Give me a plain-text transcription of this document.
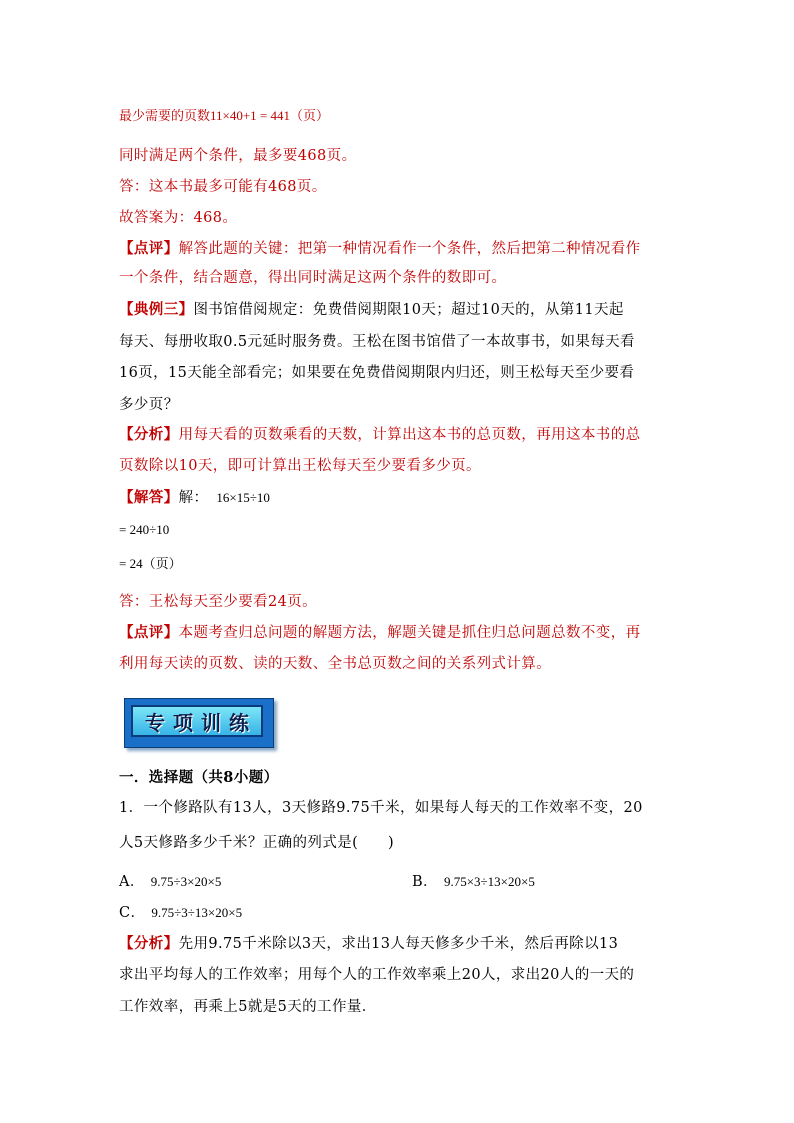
最少需要的页数11×40+1 = 441（页）
同时满足两个条件，最多要468页。
答：这本书最多可能有468页。
故答案为：468。
【点评】解答此题的关键：把第一种情况看作一个条件，然后把第二种情况看作
一个条件，结合题意，得出同时满足这两个条件的数即可。
【典例三】图书馆借阅规定：免费借阅期限10天；超过10天的，从第11天起
每天、每册收取0.5元延时服务费。王松在图书馆借了一本故事书，如果每天看
16页，15天能全部看完；如果要在免费借阅期限内归还，则王松每天至少要看
多少页？
【分析】用每天看的页数乘看的天数，计算出这本书的总页数，再用这本书的总
页数除以10天，即可计算出王松每天至少要看多少页。
【解答】解： 16×15÷10
= 240÷10
= 24（页）
答：王松每天至少要看24页。
【点评】本题考查归总问题的解题方法，解题关键是抓住归总问题总数不变，再
利用每天读的页数、读的天数、全书总页数之间的关系列式计算。
专项训练
一．选择题（共8小题）
1．一个修路队有13人，3天修路9.75千米，如果每人每天的工作效率不变，20
人5天修路多少千米？正确的列式是(　　)
A． 9.75÷3×20×5	B． 9.75×3÷13×20×5
C． 9.75÷3÷13×20×5
【分析】先用9.75千米除以3天，求出13人每天修多少千米，然后再除以13
求出平均每人的工作效率；用每个人的工作效率乘上20人，求出20人的一天的
工作效率，再乘上5就是5天的工作量．
